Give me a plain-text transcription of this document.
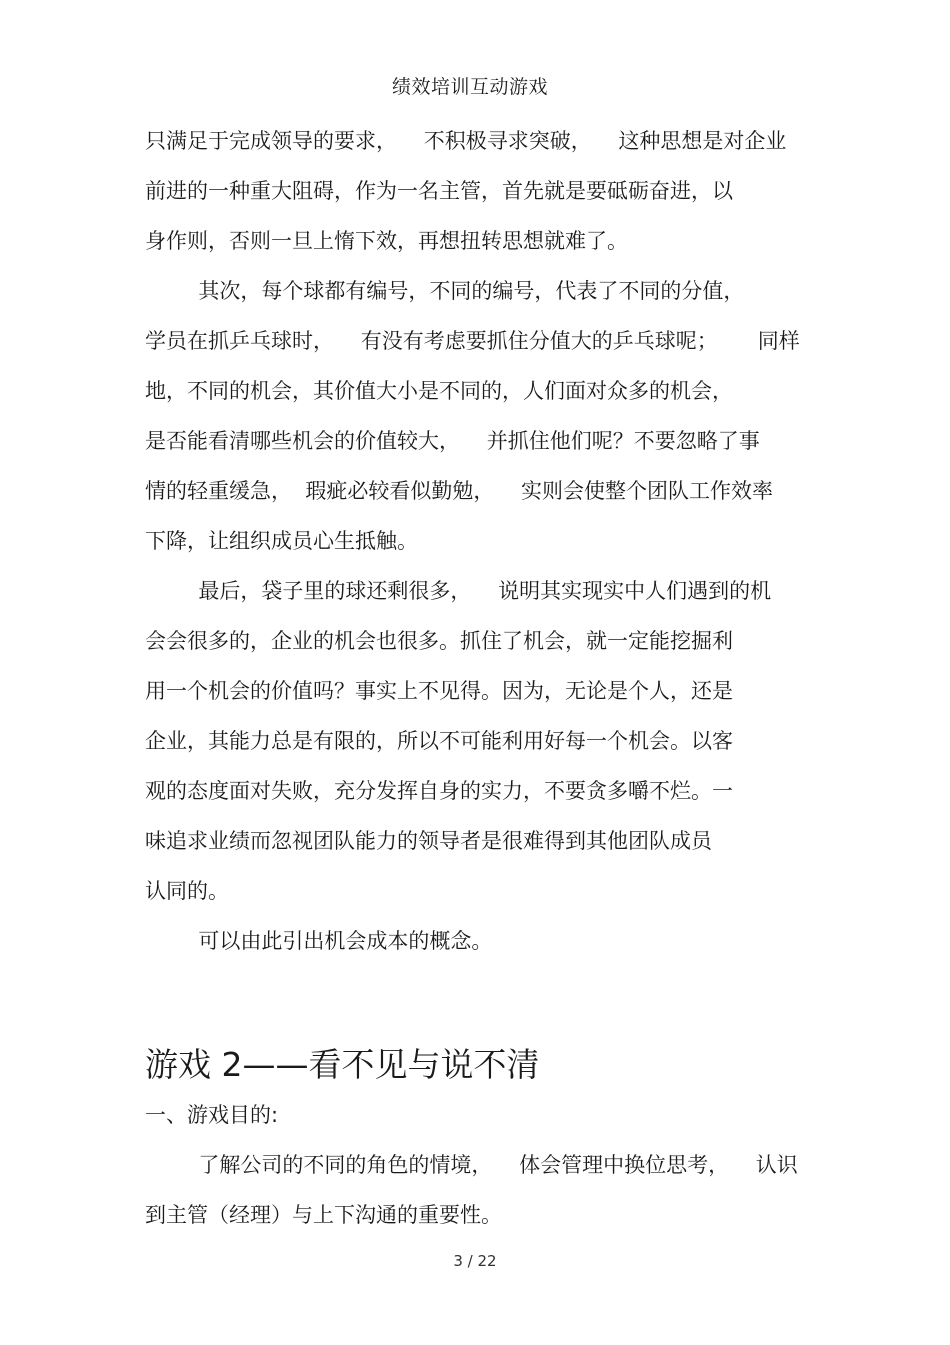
绩效培训互动游戏
只满足于完成领导的要求，    不积极寻求突破，    这种思想是对企业
前进的一种重大阻碍，作为一名主管，首先就是要砥砺奋进，以
身作则，否则一旦上惰下效，再想扭转思想就难了。
其次，每个球都有编号，不同的编号，代表了不同的分值，
学员在抓乒乓球时，    有没有考虑要抓住分值大的乒乓球呢；      同样
地，不同的机会，其价值大小是不同的，人们面对众多的机会，
是否能看清哪些机会的价值较大，    并抓住他们呢？不要忽略了事
情的轻重缓急，  瑕疵必较看似勤勉，    实则会使整个团队工作效率
下降，让组织成员心生抵触。
最后，袋子里的球还剩很多，    说明其实现实中人们遇到的机
会会很多的，企业的机会也很多。抓住了机会，就一定能挖掘利
用一个机会的价值吗？事实上不见得。因为，无论是个人，还是
企业，其能力总是有限的，所以不可能利用好每一个机会。以客
观的态度面对失败，充分发挥自身的实力，不要贪多嚼不烂。一
味追求业绩而忽视团队能力的领导者是很难得到其他团队成员
认同的。
可以由此引出机会成本的概念。
游戏 2——看不见与说不清
一、游戏目的:
了解公司的不同的角色的情境，    体会管理中换位思考，    认识
到主管（经理）与上下沟通的重要性。
3 / 22
